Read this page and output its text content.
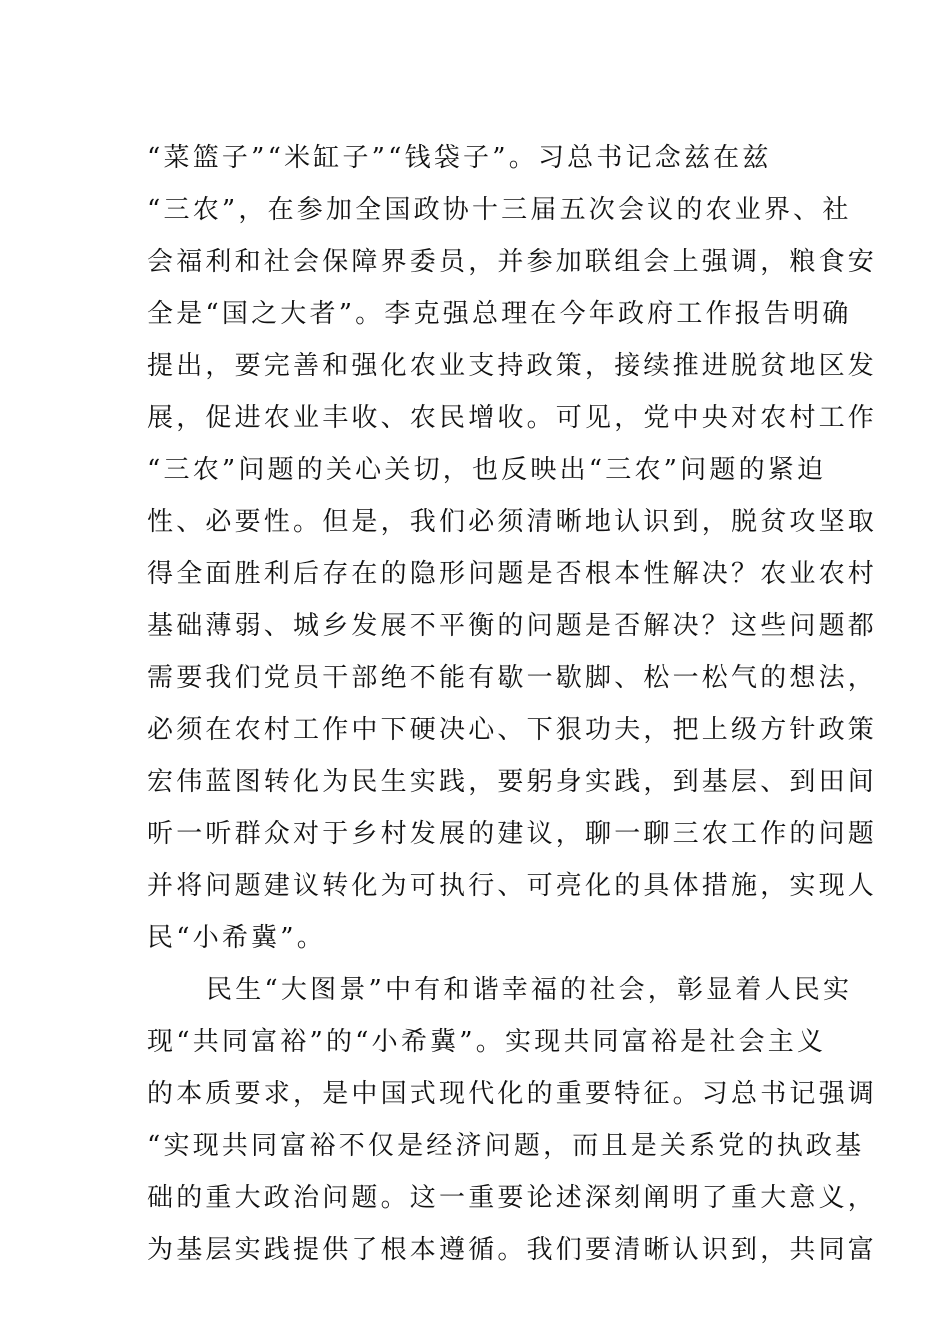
“菜篮子”“米缸子”“钱袋子”。习总书记念兹在兹
“三农”，在参加全国政协十三届五次会议的农业界、社
会福利和社会保障界委员，并参加联组会上强调，粮食安
全是“国之大者”。李克强总理在今年政府工作报告明确
提出，要完善和强化农业支持政策，接续推进脱贫地区发
展，促进农业丰收、农民增收。可见，党中央对农村工作
“三农”问题的关心关切，也反映出“三农”问题的紧迫
性、必要性。但是，我们必须清晰地认识到，脱贫攻坚取
得全面胜利后存在的隐形问题是否根本性解决？农业农村
基础薄弱、城乡发展不平衡的问题是否解决？这些问题都
需要我们党员干部绝不能有歇一歇脚、松一松气的想法，
必须在农村工作中下硬决心、下狠功夫，把上级方针政策
宏伟蓝图转化为民生实践，要躬身实践，到基层、到田间
听一听群众对于乡村发展的建议，聊一聊三农工作的问题
并将问题建议转化为可执行、可亮化的具体措施，实现人
民“小希冀”。
民生“大图景”中有和谐幸福的社会，彰显着人民实
现“共同富裕”的“小希冀”。实现共同富裕是社会主义
的本质要求，是中国式现代化的重要特征。习总书记强调
“实现共同富裕不仅是经济问题，而且是关系党的执政基
础的重大政治问题。这一重要论述深刻阐明了重大意义，
为基层实践提供了根本遵循。我们要清晰认识到，共同富
